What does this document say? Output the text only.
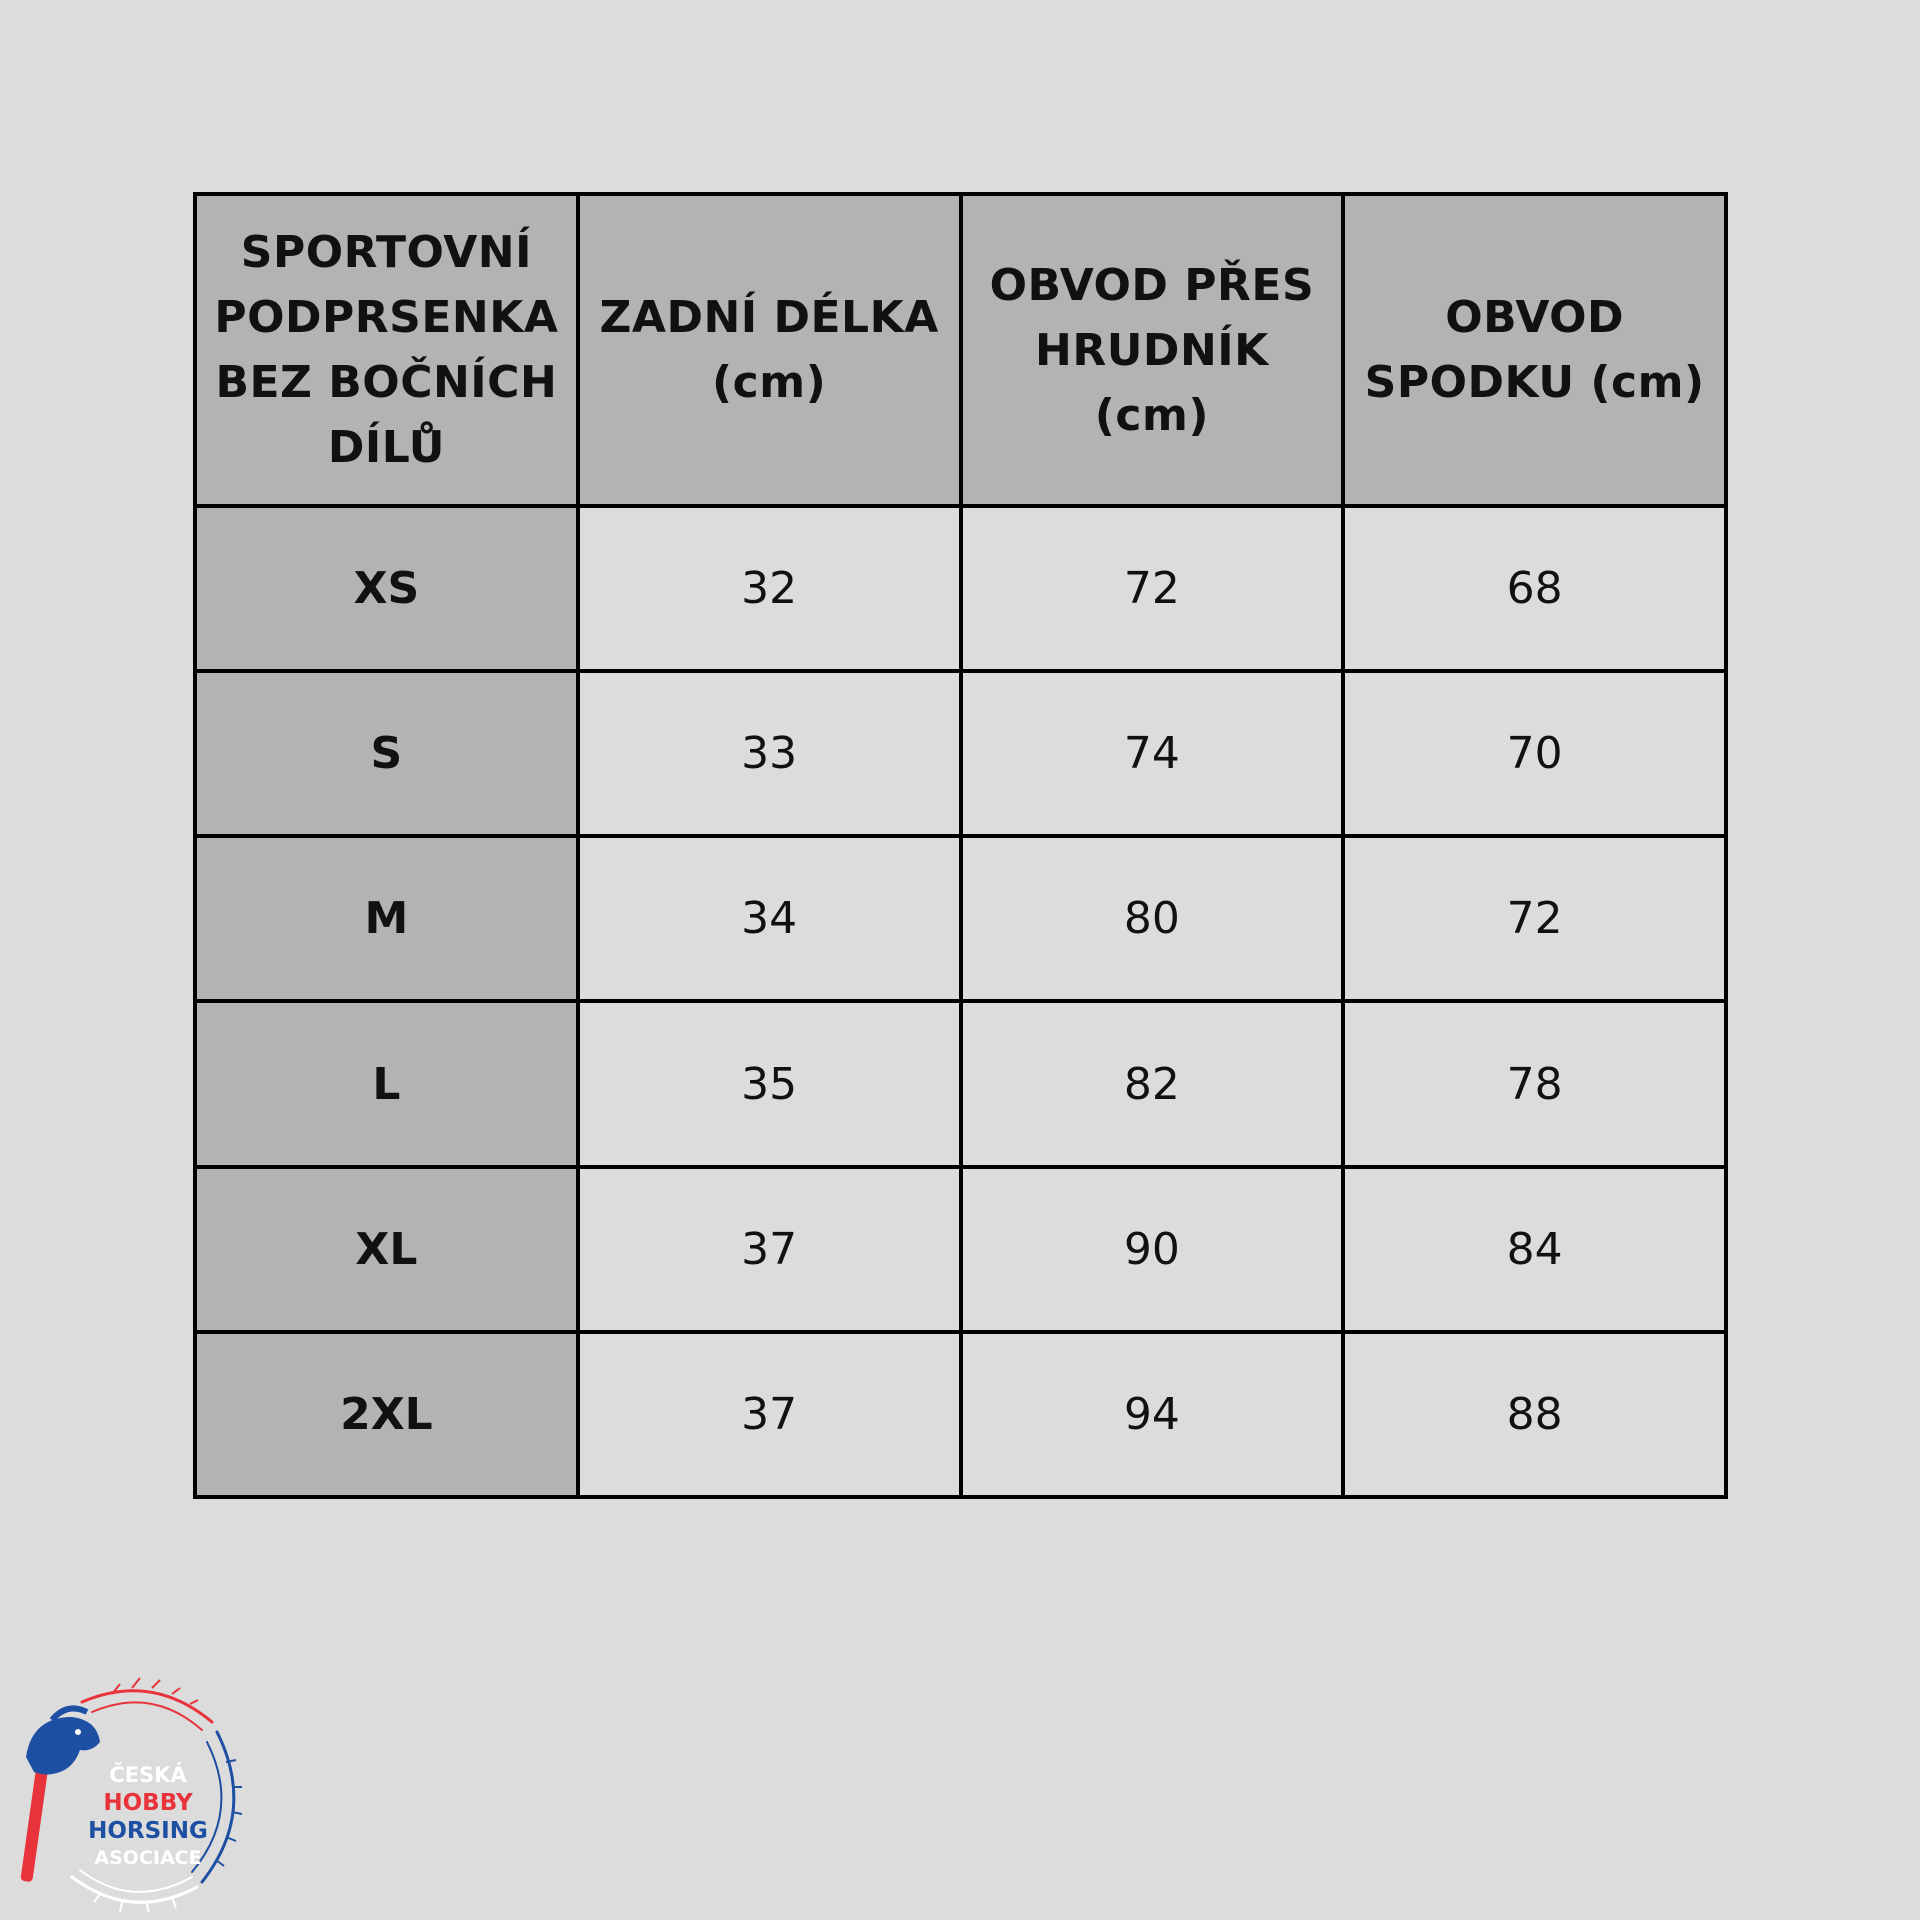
SPORTOVNÍ PODPRSENKA BEZ BOČNÍCH DÍLŮ	ZADNÍ DÉLKA (cm)	OBVOD PŘES HRUDNÍK (cm)	OBVOD SPODKU (cm)

XS	32	72	68
S	33	74	70
M	34	80	72
L	35	82	78
XL	37	90	84
2XL	37	94	88
ČESKÁ
HOBBY
HORSING
ASOCIACE
